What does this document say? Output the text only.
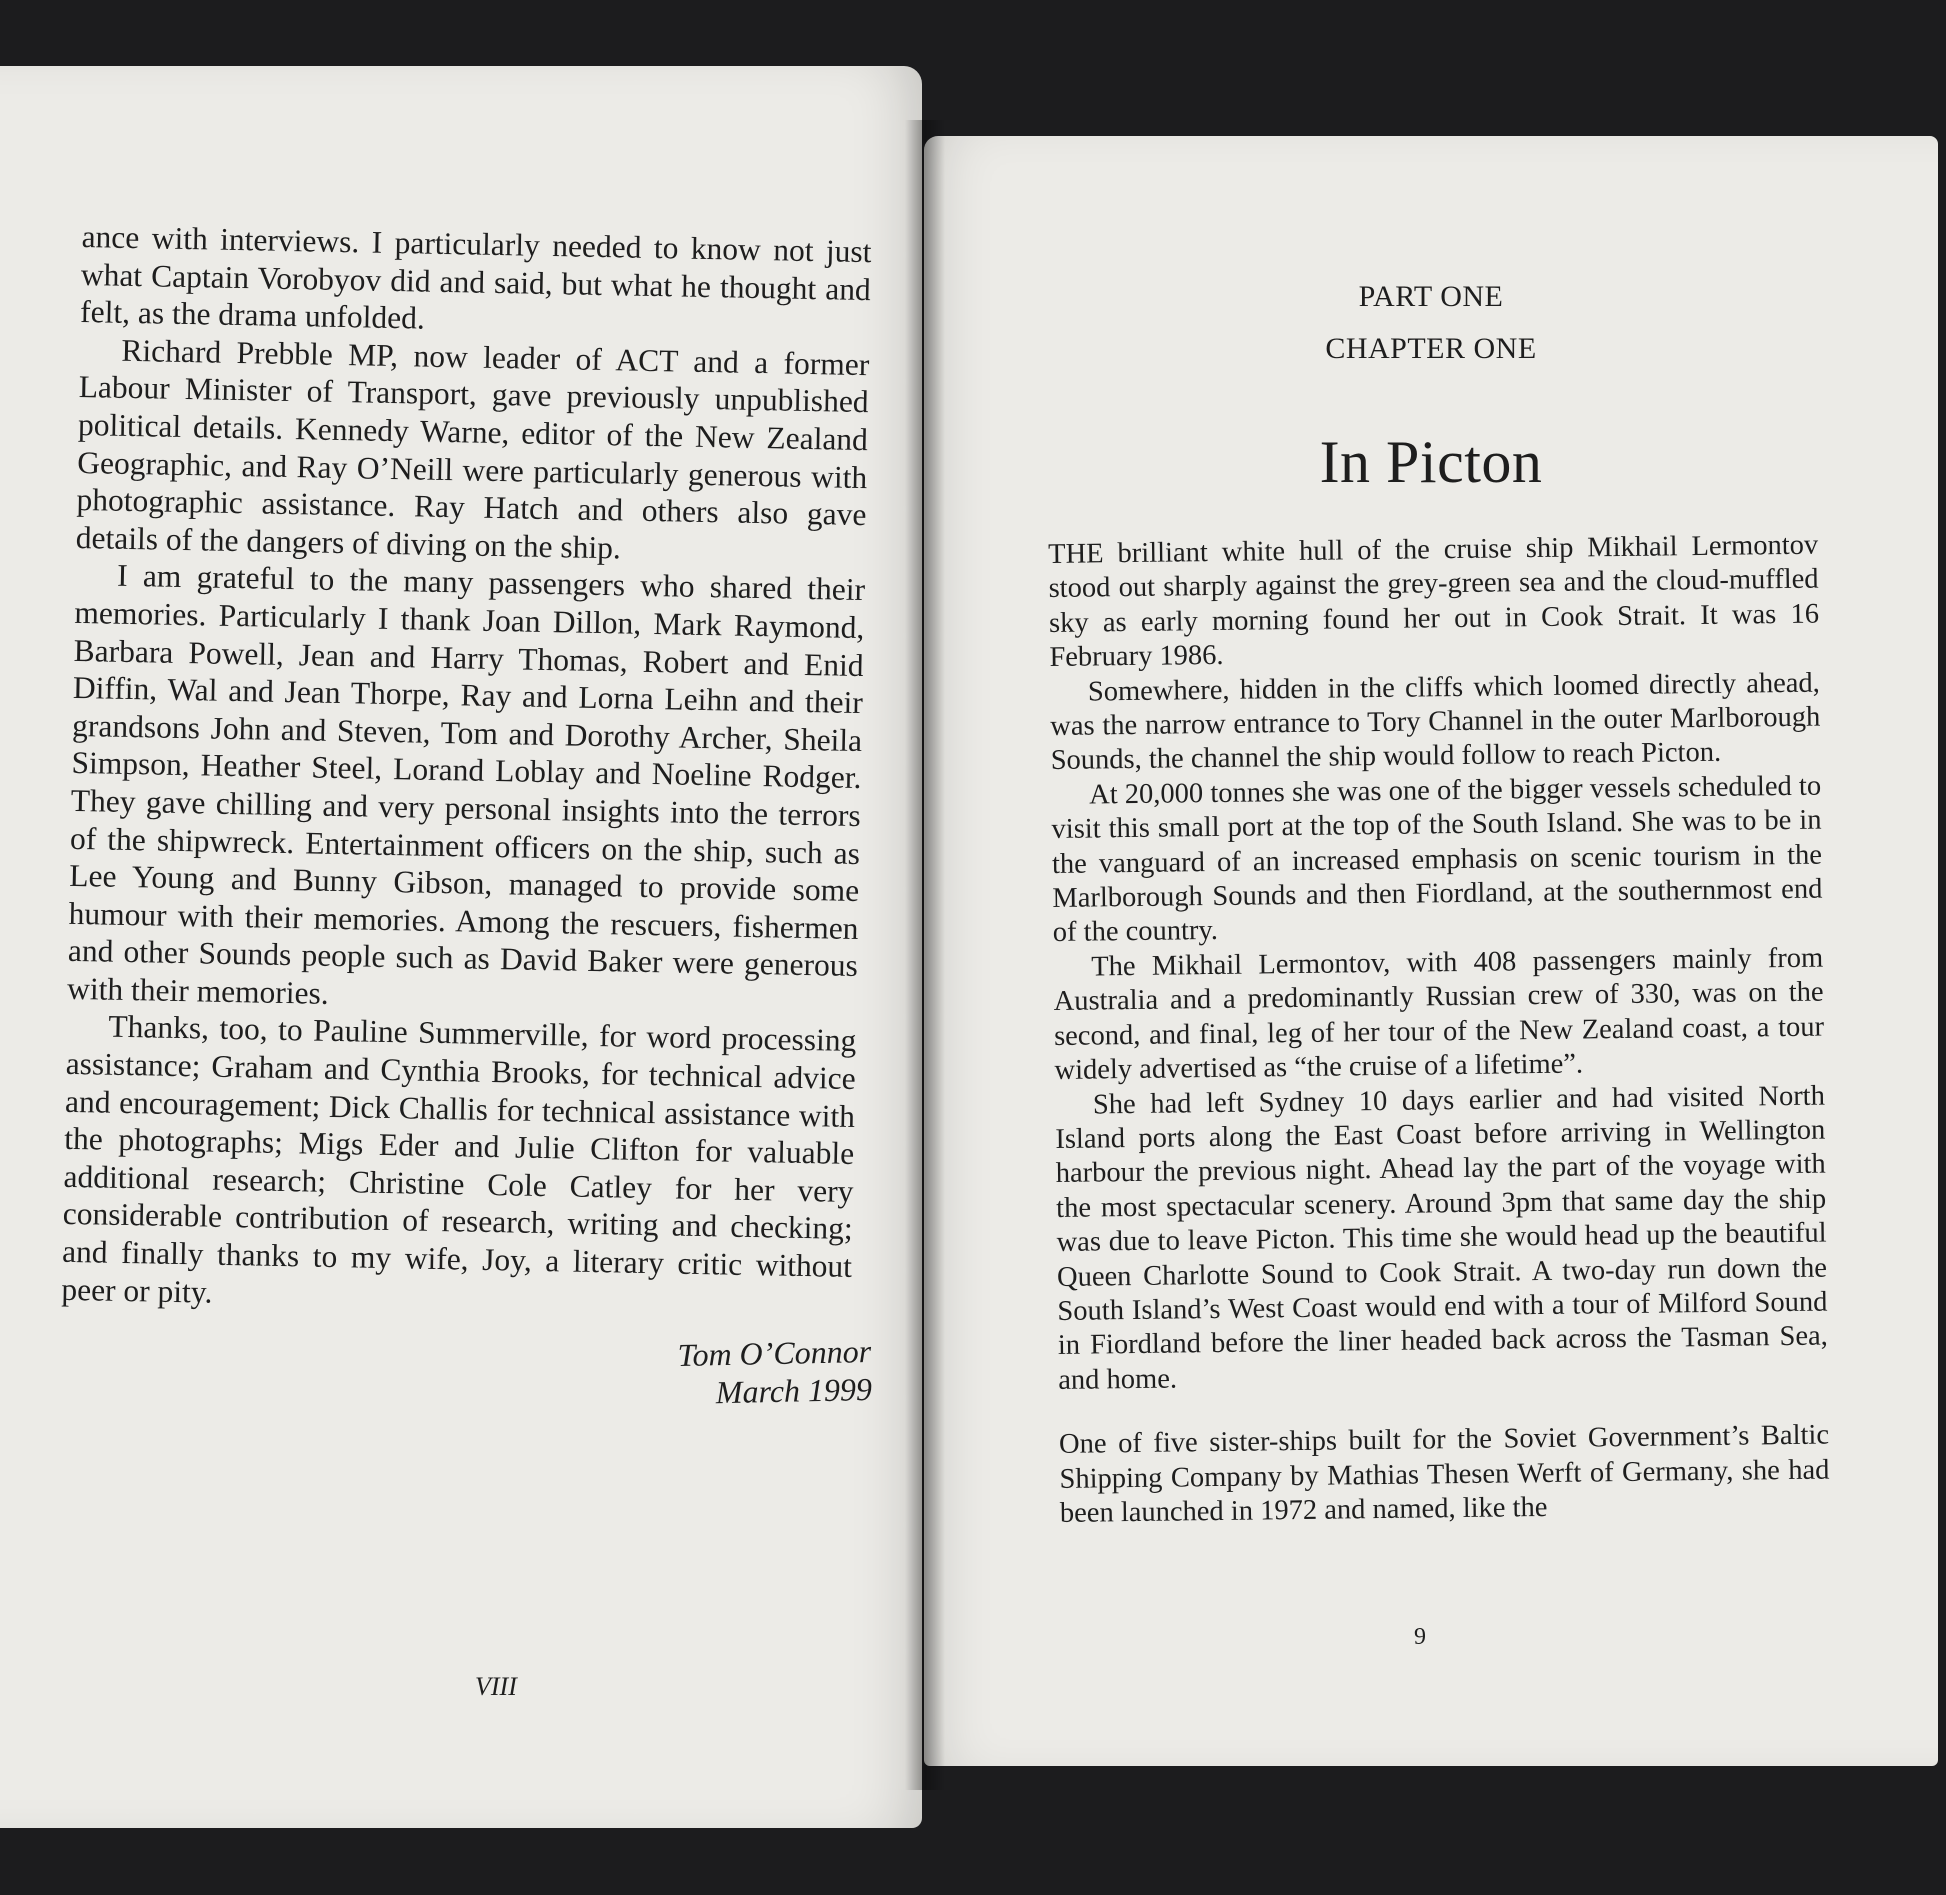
ance with interviews. I particularly needed to know not just what Captain Vorobyov did and said, but what he thought and felt, as the drama unfolded.

Richard Prebble MP, now leader of ACT and a former Labour Minister of Transport, gave previously unpublished political details. Kennedy Warne, editor of the New Zealand Geographic, and Ray O’Neill were particularly generous with photographic assistance. Ray Hatch and others also gave details of the dangers of diving on the ship.

I am grateful to the many passengers who shared their memories. Particularly I thank Joan Dillon, Mark Raymond, Barbara Powell, Jean and Harry Thomas, Robert and Enid Diffin, Wal and Jean Thorpe, Ray and Lorna Leihn and their grandsons John and Steven, Tom and Dorothy Archer, Sheila Simpson, Heather Steel, Lorand Loblay and Noeline Rodger. They gave chilling and very personal insights into the terrors of the shipwreck. Entertainment officers on the ship, such as Lee Young and Bunny Gibson, managed to provide some humour with their memories. Among the rescuers, fishermen and other Sounds people such as David Baker were generous with their memories.

Thanks, too, to Pauline Summerville, for word processing assistance; Graham and Cynthia Brooks, for technical advice and encouragement; Dick Challis for technical assistance with the photographs; Migs Eder and Julie Clifton for valuable additional research; Christine Cole Catley for her very considerable contribution of research, writing and checking; and finally thanks to my wife, Joy, a literary critic without peer or pity.

Tom O’Connor
March 1999
VIII
PART ONE
CHAPTER ONE
In Picton

THE brilliant white hull of the cruise ship Mikhail Lermontov stood out sharply against the grey-green sea and the cloud-muffled sky as early morning found her out in Cook Strait. It was 16 February 1986.

Somewhere, hidden in the cliffs which loomed directly ahead, was the narrow entrance to Tory Channel in the outer Marlborough Sounds, the channel the ship would follow to reach Picton.

At 20,000 tonnes she was one of the bigger vessels scheduled to visit this small port at the top of the South Island. She was to be in the vanguard of an increased emphasis on scenic tourism in the Marlborough Sounds and then Fiordland, at the southernmost end of the country.

The Mikhail Lermontov, with 408 passengers mainly from Australia and a predominantly Russian crew of 330, was on the second, and final, leg of her tour of the New Zealand coast, a tour widely advertised as “the cruise of a lifetime”.

She had left Sydney 10 days earlier and had visited North Island ports along the East Coast before arriving in Wellington harbour the previous night. Ahead lay the part of the voyage with the most spectacular scenery. Around 3pm that same day the ship was due to leave Picton. This time she would head up the beautiful Queen Charlotte Sound to Cook Strait. A two-day run down the South Island’s West Coast would end with a tour of Milford Sound in Fiordland before the liner headed back across the Tasman Sea, and home.

One of five sister-ships built for the Soviet Government’s Baltic Shipping Company by Mathias Thesen Werft of Germany, she had been launched in 1972 and named, like the

9
